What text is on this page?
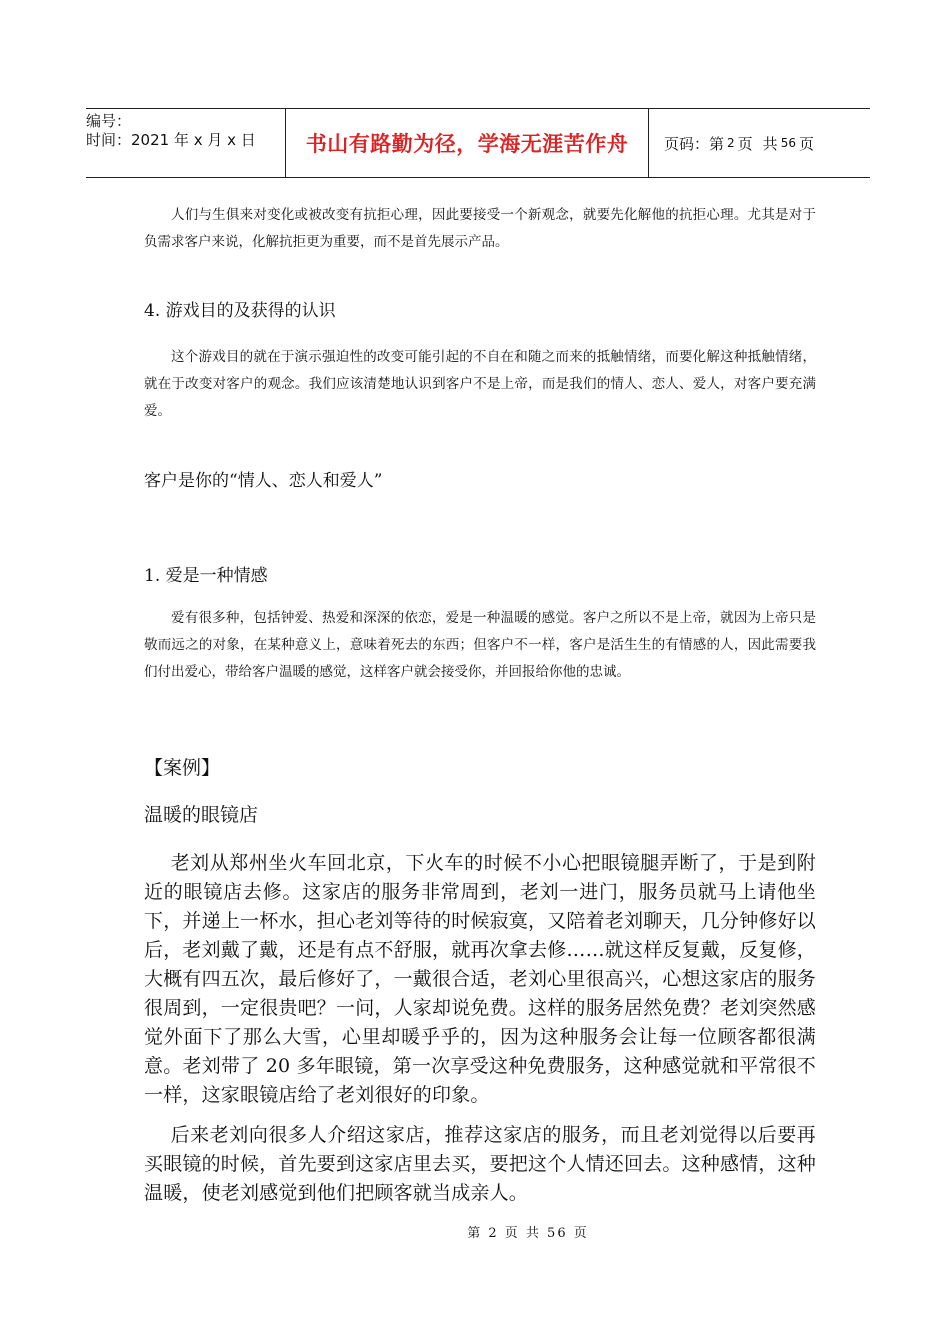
编号：
时间：2021 年 x 月 x 日 书山有路勤为径，学海无涯苦作舟 页码：第 2 页 共 56 页

人们与生俱来对变化或被改变有抗拒心理，因此要接受一个新观念，就要先化解他的抗拒心理。尤其是对于负需求客户来说，化解抗拒更为重要，而不是首先展示产品。

4. 游戏目的及获得的认识

这个游戏目的就在于演示强迫性的改变可能引起的不自在和随之而来的抵触情绪，而要化解这种抵触情绪，就在于改变对客户的观念。我们应该清楚地认识到客户不是上帝，而是我们的情人、恋人、爱人，对客户要充满爱。

客户是你的“情人、恋人和爱人”

1. 爱是一种情感

爱有很多种，包括钟爱、热爱和深深的依恋，爱是一种温暖的感觉。客户之所以不是上帝，就因为上帝只是敬而远之的对象，在某种意义上，意味着死去的东西；但客户不一样，客户是活生生的有情感的人，因此需要我们付出爱心，带给客户温暖的感觉，这样客户就会接受你，并回报给你他的忠诚。

【案例】

温暖的眼镜店

老刘从郑州坐火车回北京，下火车的时候不小心把眼镜腿弄断了，于是到附近的眼镜店去修。这家店的服务非常周到，老刘一进门，服务员就马上请他坐下，并递上一杯水，担心老刘等待的时候寂寞，又陪着老刘聊天，几分钟修好以后，老刘戴了戴，还是有点不舒服，就再次拿去修……就这样反复戴，反复修，大概有四五次，最后修好了，一戴很合适，老刘心里很高兴，心想这家店的服务很周到，一定很贵吧？一问，人家却说免费。这样的服务居然免费？老刘突然感觉外面下了那么大雪，心里却暖乎乎的，因为这种服务会让每一位顾客都很满意。老刘带了 20 多年眼镜，第一次享受这种免费服务，这种感觉就和平常很不一样，这家眼镜店给了老刘很好的印象。

后来老刘向很多人介绍这家店，推荐这家店的服务，而且老刘觉得以后要再买眼镜的时候，首先要到这家店里去买，要把这个人情还回去。这种感情，这种温暖，使老刘感觉到他们把顾客就当成亲人。

第 2 页 共 56 页
